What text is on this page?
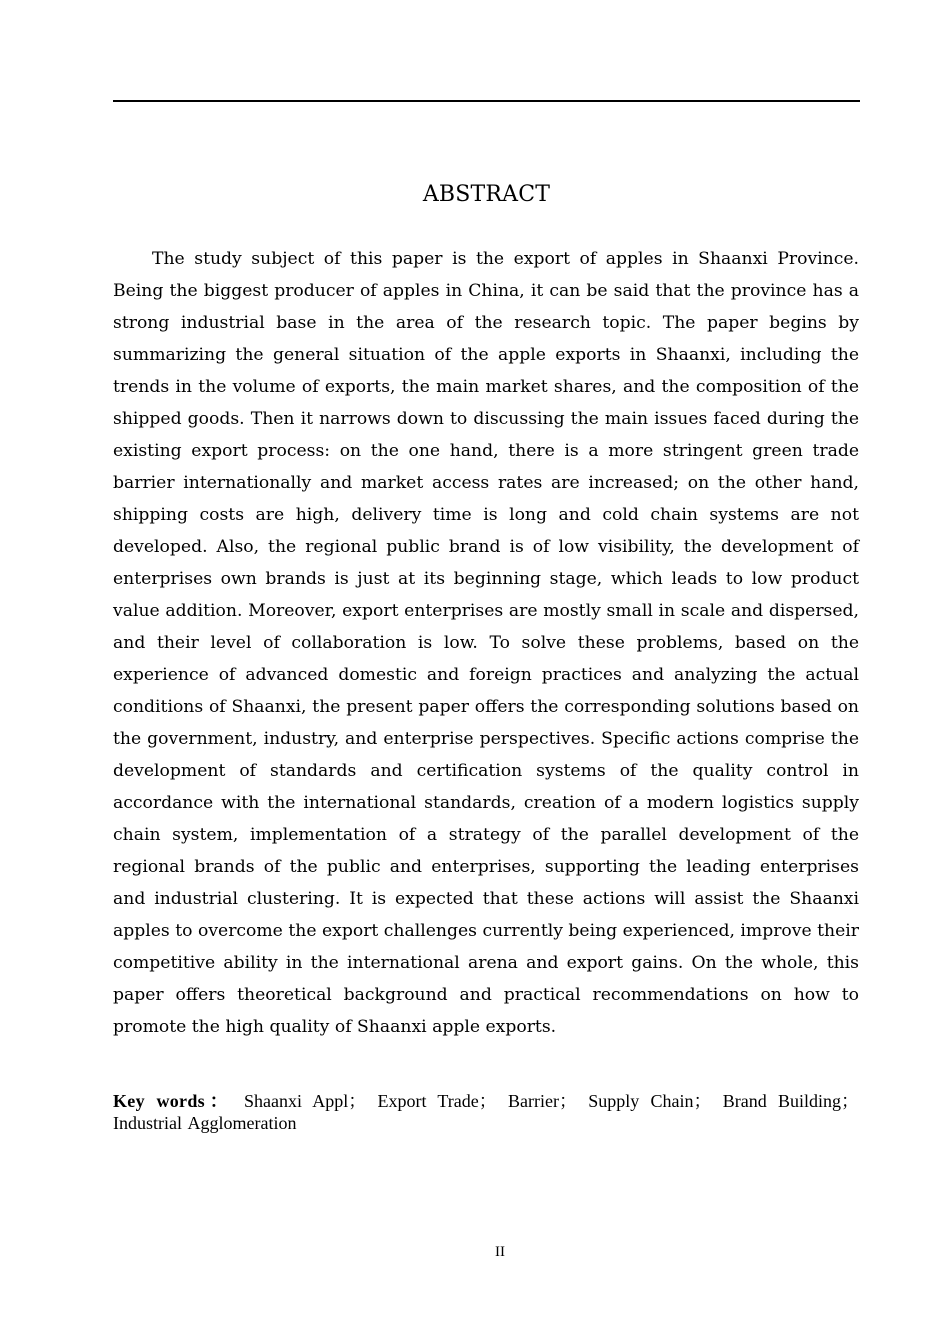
ABSTRACT

The study subject of this paper is the export of apples in Shaanxi Province. Being the biggest producer of apples in China, it can be said that the province has a strong industrial base in the area of the research topic. The paper begins by summarizing the general situation of the apple exports in Shaanxi, including the trends in the volume of exports, the main market shares, and the composition of the shipped goods. Then it narrows down to discussing the main issues faced during the existing export process: on the one hand, there is a more stringent green trade barrier internationally and market access rates are increased; on the other hand, shipping costs are high, delivery time is long and cold chain systems are not developed. Also, the regional public brand is of low visibility, the development of enterprises own brands is just at its beginning stage, which leads to low product value addition. Moreover, export enterprises are mostly small in scale and dispersed, and their level of collaboration is low. To solve these problems, based on the experience of advanced domestic and foreign practices and analyzing the actual conditions of Shaanxi, the present paper offers the corresponding solutions based on the government, industry, and enterprise perspectives. Specific actions comprise the development of standards and certification systems of the quality control in accordance with the international standards, creation of a modern logistics supply chain system, implementation of a strategy of the parallel development of the regional brands of the public and enterprises, supporting the leading enterprises and industrial clustering. It is expected that these actions will assist the Shaanxi apples to overcome the export challenges currently being experienced, improve their competitive ability in the international arena and export gains. On the whole, this paper offers theoretical background and practical recommendations on how to promote the high quality of Shaanxi apple exports.

Key words： Shaanxi Appl； Export Trade； Barrier； Supply Chain； Brand Building； Industrial Agglomeration
II
